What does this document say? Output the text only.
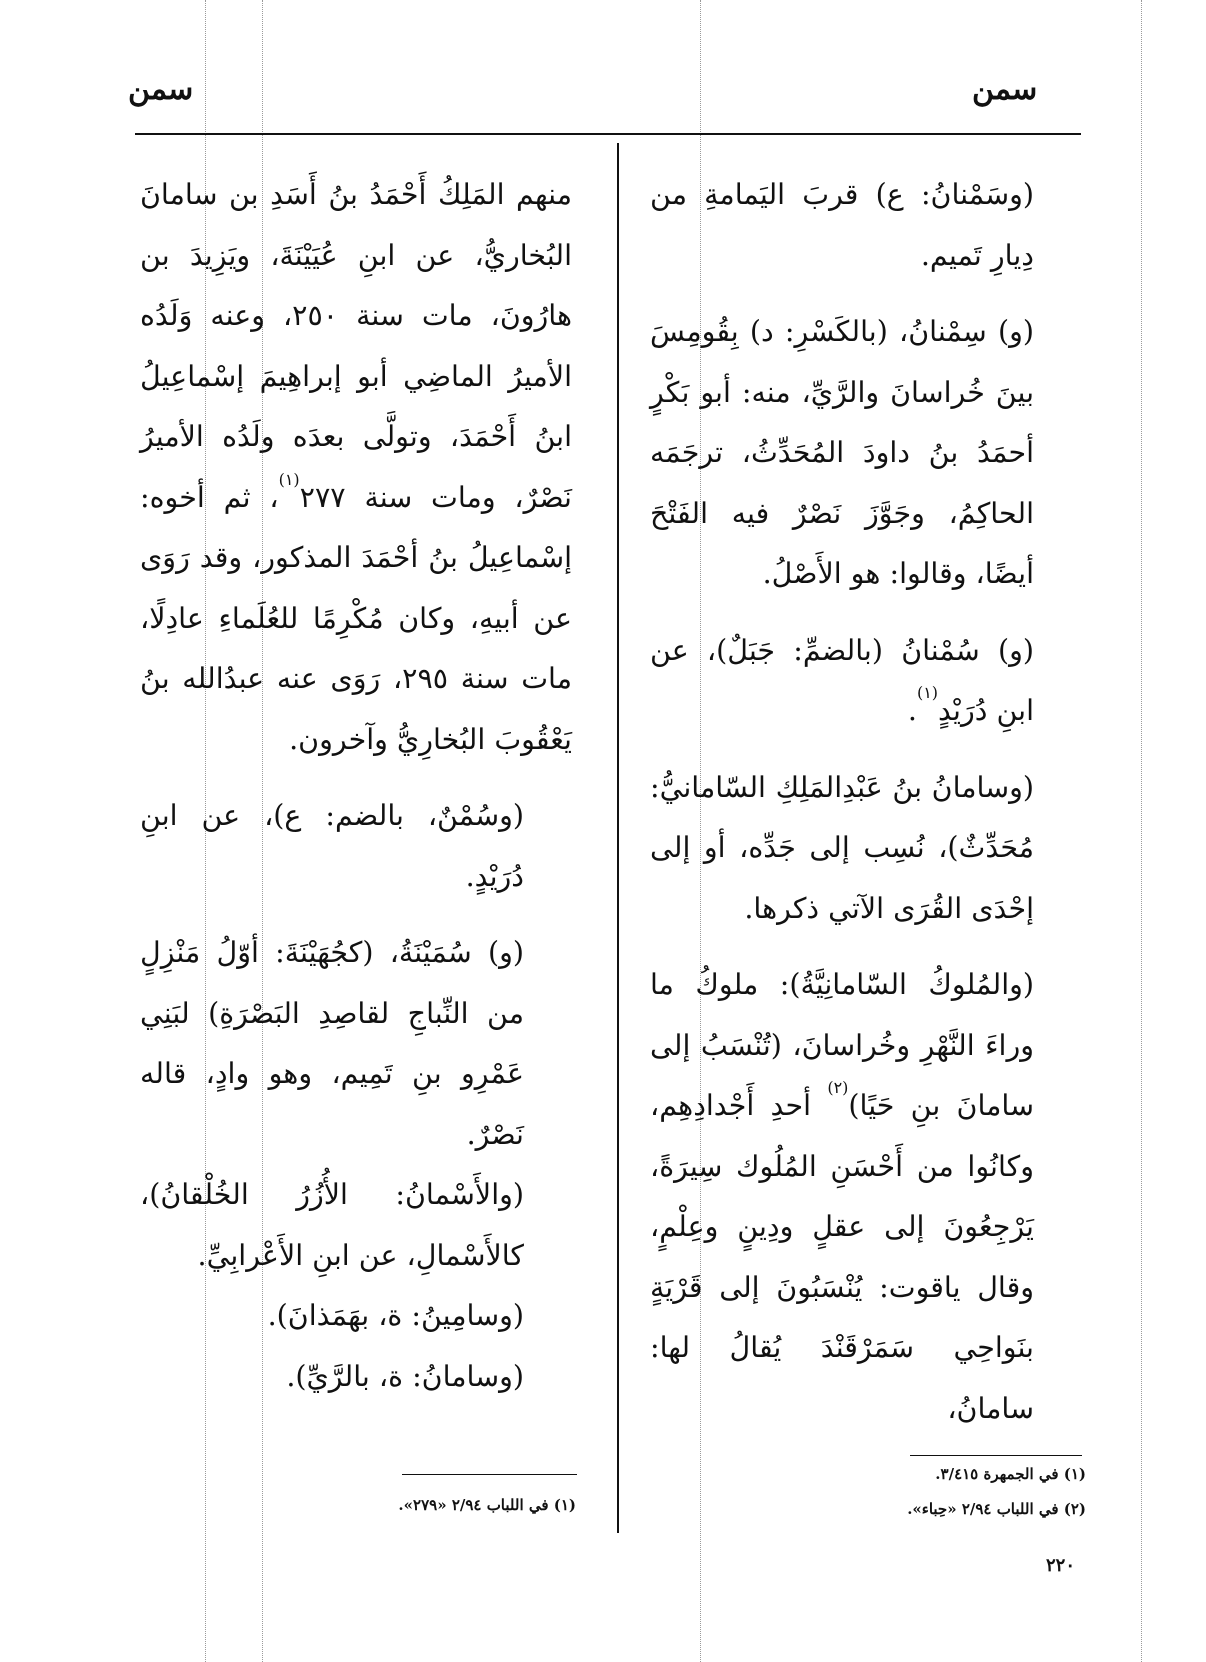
سمن	سمن

(وسَمْنانُ: ع) قربَ اليَمامةِ من دِيارِ تَميم.

(و) سِمْنانُ، (بالكَسْرِ: د) بِقُومِسَ بينَ خُراسانَ والرَّيِّ، منه: أبو بَكْرٍ أحمَدُ بنُ داودَ المُحَدِّثُ، ترجَمَه الحاكِمُ، وجَوَّزَ نَصْرٌ فيه الفَتْحَ أيضًا، وقالوا: هو الأَصْلُ.

(و) سُمْنانُ (بالضمِّ: جَبَلٌ)، عن ابنِ دُرَيْدٍ$^{(١)}$.

(وسامانُ بنُ عَبْدِالمَلِكِ السّامانيُّ: مُحَدِّثٌ)، نُسِب إلى جَدِّه، أو إلى إحْدَى القُرَى الآتي ذكرها.

(والمُلوكُ السّامانِيَّةُ): ملوكُ ما وراءَ النَّهْرِ وخُراسانَ، (تُنْسَبُ إلى سامانَ بنِ حَيًا)$^{(٢)}$ أحدِ أَجْدادِهِم، وكانُوا من أَحْسَنِ المُلُوك سِيرَةً، يَرْجِعُونَ إلى عقلٍ ودِينٍ وعِلْمٍ، وقال ياقوت: يُنْسَبُونَ إلى قَرْيَةٍ بنَواحِي سَمَرْقَنْدَ يُقالُ لها: سامانُ،

منهم المَلِكُ أَحْمَدُ بنُ أَسَدِ بن سامانَ البُخاريُّ، عن ابنِ عُيَيْنَةَ، ويَزِيدَ بن هارُونَ، مات سنة ٢٥٠، وعنه وَلَدُه الأميرُ الماضِي أبو إبراهِيمَ إسْماعِيلُ ابنُ أَحْمَدَ، وتولَّى بعدَه ولَدُه الأميرُ نَصْرٌ، ومات سنة ٢٧٧$^{(١)}$، ثم أخوه: إسْماعِيلُ بنُ أحْمَدَ المذكور، وقد رَوَى عن أبيهِ، وكان مُكْرِمًا للعُلَماءِ عادِلًا، مات سنة ٢٩٥، رَوَى عنه عبدُالله بنُ يَعْقُوبَ البُخارِيُّ وآخرون.

(وسُمْنٌ، بالضم: ع)، عن ابنِ دُرَيْدٍ.

(و) سُمَيْنَةُ، (كجُهَيْنَةَ: أوّلُ مَنْزِلٍ من النِّباجِ لقاصِدِ البَصْرَةِ) لبَنِي عَمْرِو بنِ تَمِيم، وهو وادٍ، قاله نَصْرٌ.

(والأَسْمانُ: الأُزُرُ الخُلْقانُ)، كالأَسْمالِ، عن ابنِ الأَعْرابِيِّ.

(وسامِينُ: ة، بهَمَذانَ).

(وسامانُ: ة، بالرَّيِّ).

(١) في اللباب ٢/٩٤ «٢٧٩».
(١) في الجمهرة ٣/٤١٥.
(٢) في اللباب ٢/٩٤ «حِباء».
٢٢٠
